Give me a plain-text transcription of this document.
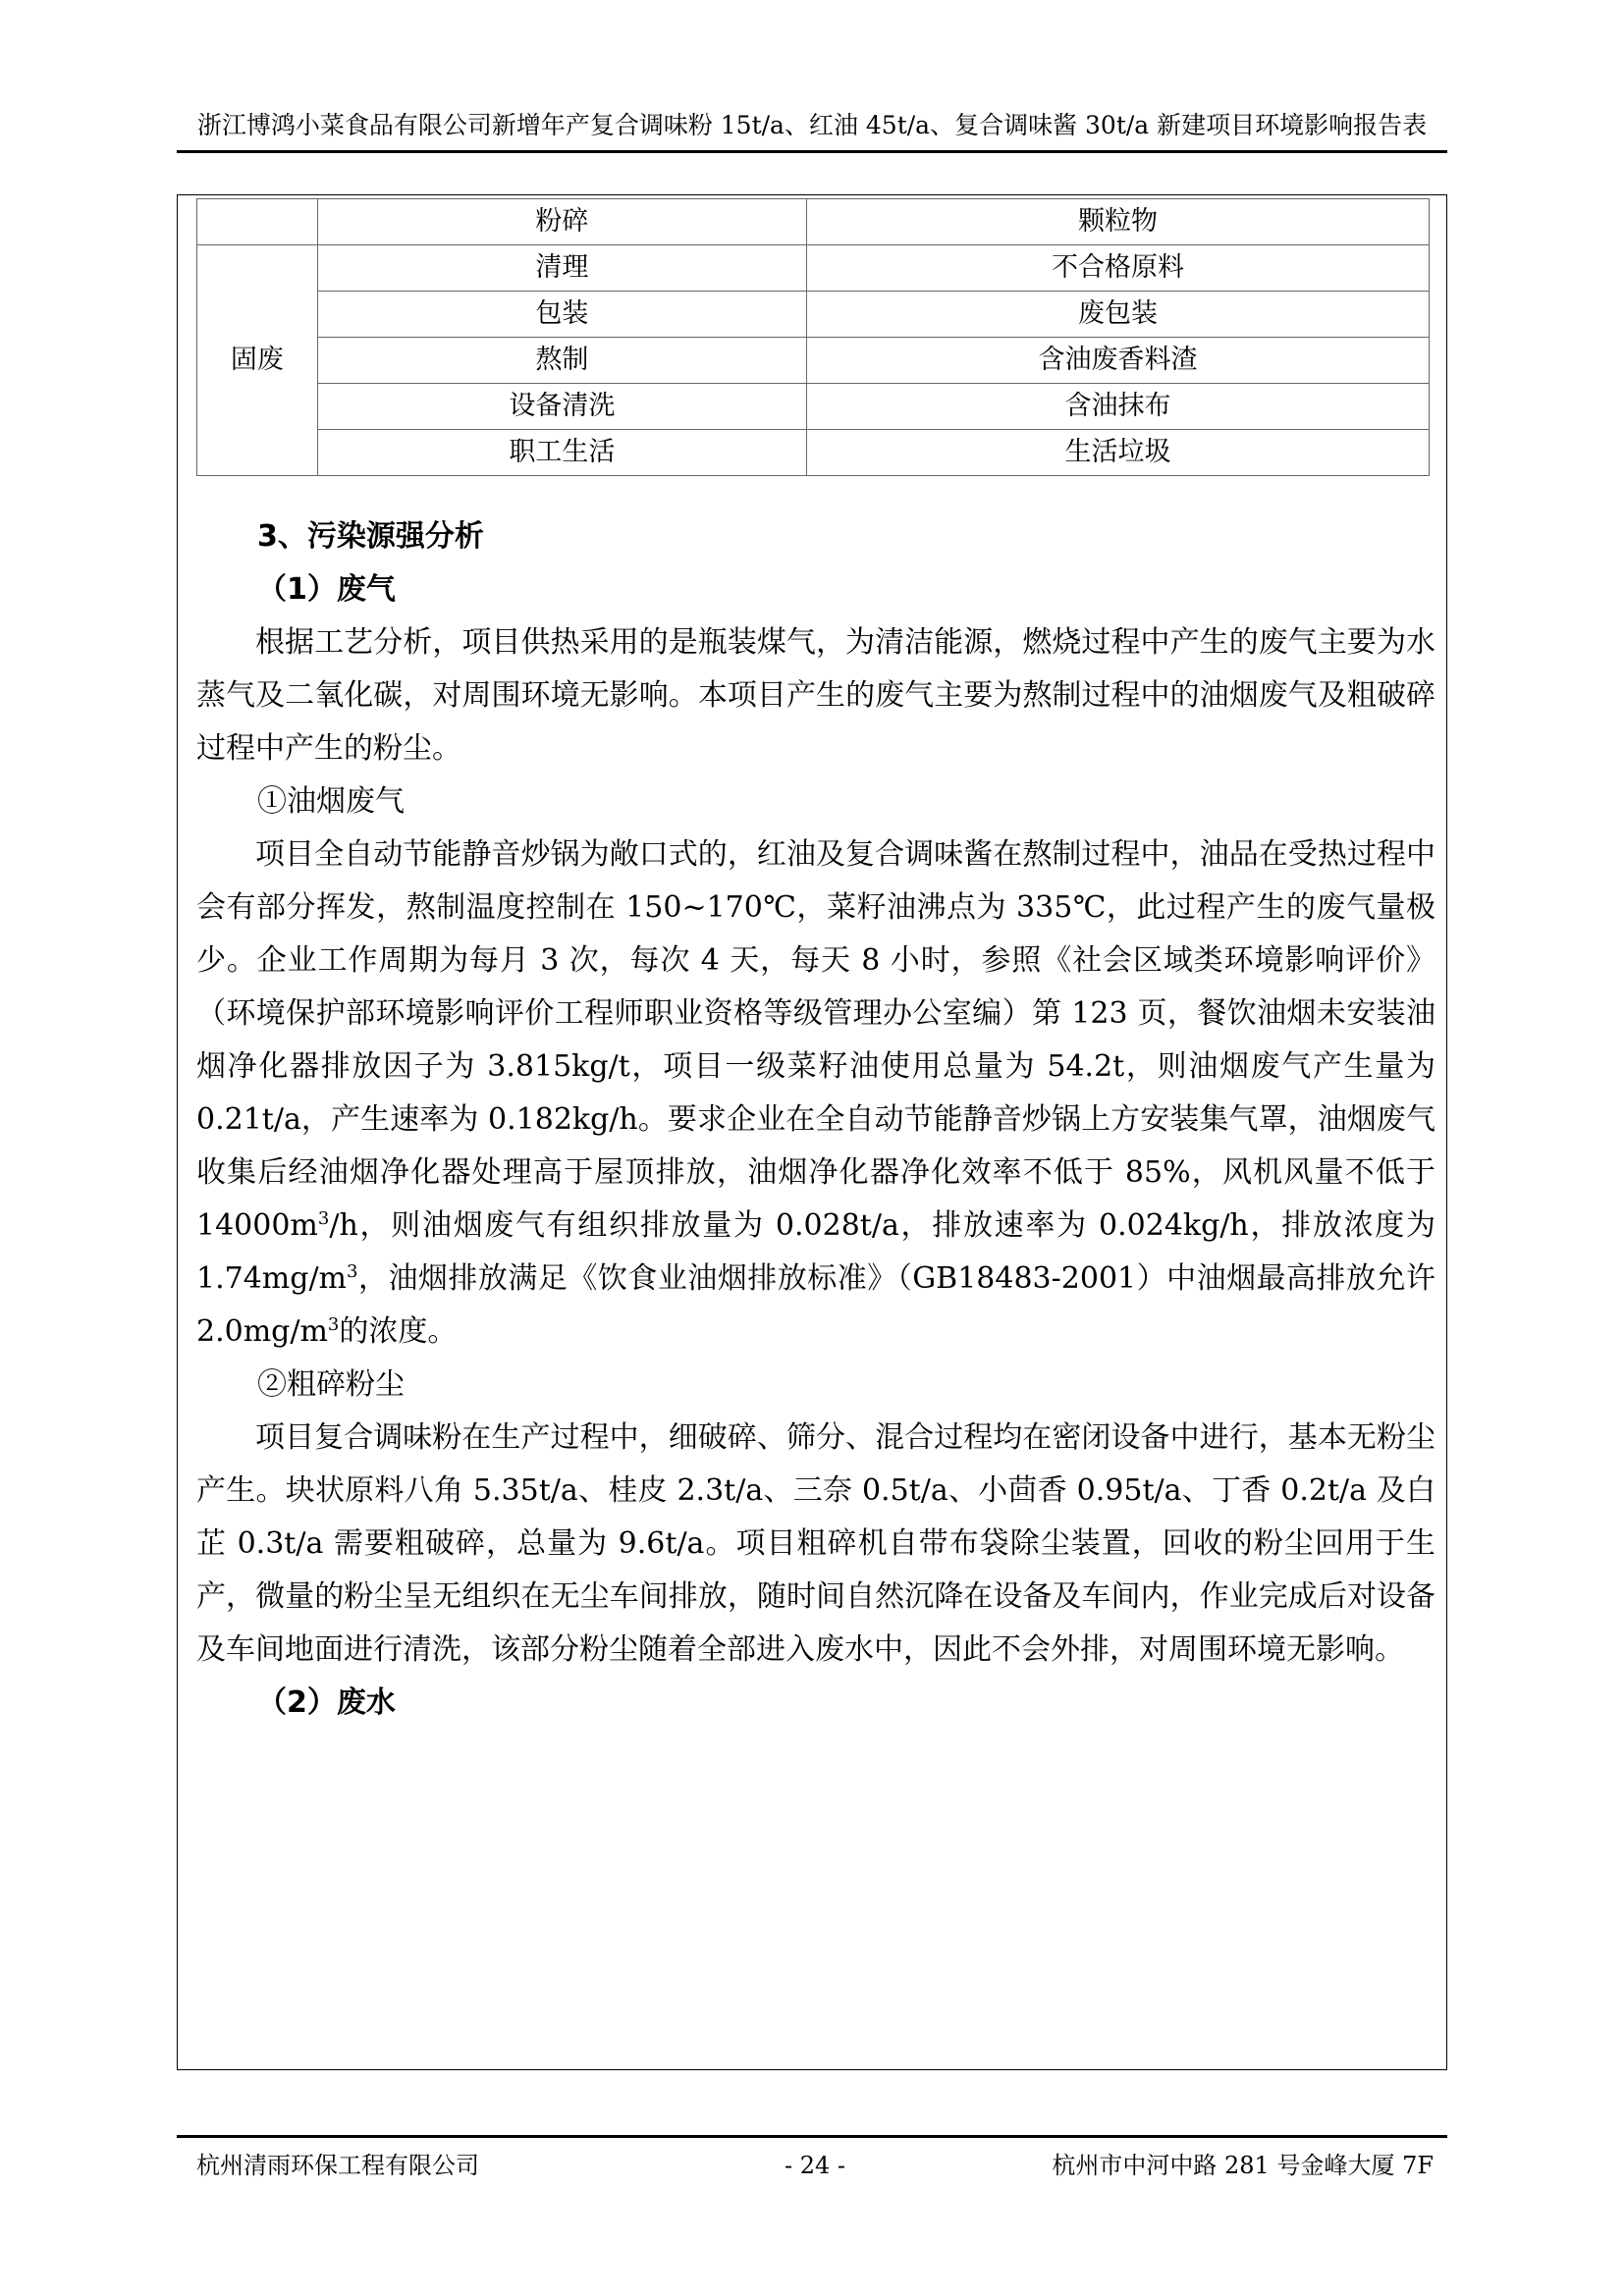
浙江博鸿小菜食品有限公司新增年产复合调味粉 15t/a、红油 45t/a、复合调味酱 30t/a 新建项目环境影响报告表
	粉碎	颗粒物
固废	清理	不合格原料
	包装	废包装
	熬制	含油废香料渣
	设备清洗	含油抹布
	职工生活	生活垃圾
3、污染源强分析
（1）废气

根据工艺分析，项目供热采用的是瓶装煤气，为清洁能源，燃烧过程中产生的废气主要为水蒸气及二氧化碳，对周围环境无影响。本项目产生的废气主要为熬制过程中的油烟废气及粗破碎过程中产生的粉尘。

①油烟废气

项目全自动节能静音炒锅为敞口式的，红油及复合调味酱在熬制过程中，油品在受热过程中会有部分挥发，熬制温度控制在 150~170℃，菜籽油沸点为 335℃，此过程产生的废气量极少。企业工作周期为每月 3 次，每次 4 天，每天 8 小时，参照《社会区域类环境影响评价》（环境保护部环境影响评价工程师职业资格等级管理办公室编）第 123 页，餐饮油烟未安装油烟净化器排放因子为 3.815kg/t，项目一级菜籽油使用总量为 54.2t，则油烟废气产生量为 0.21t/a，产生速率为 0.182kg/h。要求企业在全自动节能静音炒锅上方安装集气罩，油烟废气收集后经油烟净化器处理高于屋顶排放，油烟净化器净化效率不低于 85%，风机风量不低于 $14000m^3/h$，则油烟废气有组织排放量为 0.028t/a，排放速率为 0.024kg/h，排放浓度为 $1.74mg/m^3$，油烟排放满足《饮食业油烟排放标准》（GB18483-2001）中油烟最高排放允许 $2.0mg/m^3$的浓度。

②粗碎粉尘

项目复合调味粉在生产过程中，细破碎、筛分、混合过程均在密闭设备中进行，基本无粉尘产生。块状原料八角 5.35t/a、桂皮 2.3t/a、三奈 0.5t/a、小茴香 0.95t/a、丁香 0.2t/a 及白芷 0.3t/a 需要粗破碎，总量为 9.6t/a。项目粗碎机自带布袋除尘装置，回收的粉尘回用于生产，微量的粉尘呈无组织在无尘车间排放，随时间自然沉降在设备及车间内，作业完成后对设备及车间地面进行清洗，该部分粉尘随着全部进入废水中，因此不会外排，对周围环境无影响。

（2）废水
杭州清雨环保工程有限公司	- 24 -	杭州市中河中路 281 号金峰大厦 7F
